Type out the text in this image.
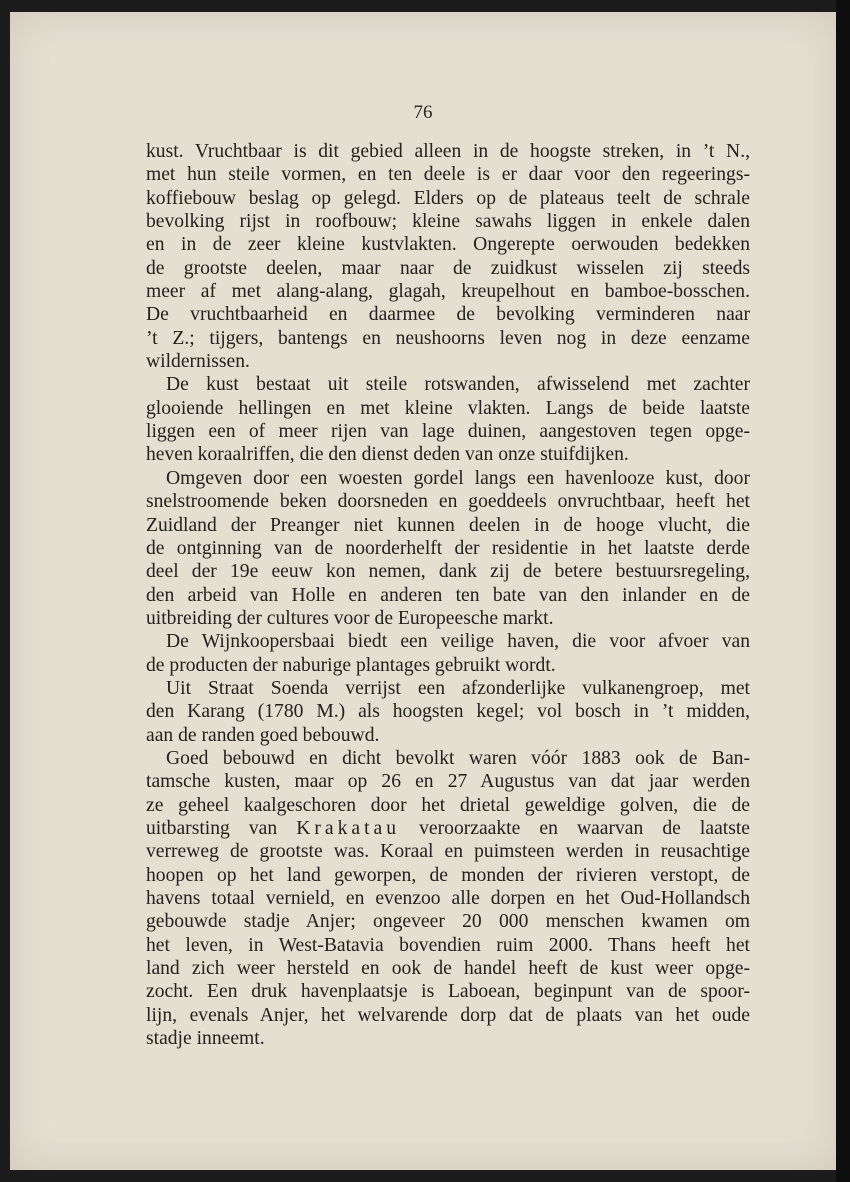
76
kust. Vruchtbaar is dit gebied alleen in de hoogste streken, in ’t N.,
met hun steile vormen, en ten deele is er daar voor den regeerings-
koffiebouw beslag op gelegd. Elders op de plateaus teelt de schrale
bevolking rijst in roofbouw; kleine sawahs liggen in enkele dalen
en in de zeer kleine kustvlakten. Ongerepte oerwouden bedekken
de grootste deelen, maar naar de zuidkust wisselen zij steeds
meer af met alang-alang, glagah, kreupelhout en bamboe-bosschen.
De vruchtbaarheid en daarmee de bevolking verminderen naar
’t Z.; tijgers, bantengs en neushoorns leven nog in deze eenzame
wildernissen.
De kust bestaat uit steile rotswanden, afwisselend met zachter
glooiende hellingen en met kleine vlakten. Langs de beide laatste
liggen een of meer rijen van lage duinen, aangestoven tegen opge-
heven koraalriffen, die den dienst deden van onze stuifdijken.
Omgeven door een woesten gordel langs een havenlooze kust, door
snelstroomende beken doorsneden en goeddeels onvruchtbaar, heeft het
Zuidland der Preanger niet kunnen deelen in de hooge vlucht, die
de ontginning van de noorderhelft der residentie in het laatste derde
deel der 19e eeuw kon nemen, dank zij de betere bestuursregeling,
den arbeid van Holle en anderen ten bate van den inlander en de
uitbreiding der cultures voor de Europeesche markt.
De Wijnkoopersbaai biedt een veilige haven, die voor afvoer van
de producten der naburige plantages gebruikt wordt.
Uit Straat Soenda verrijst een afzonderlijke vulkanengroep, met
den Karang (1780 M.) als hoogsten kegel; vol bosch in ’t midden,
aan de randen goed bebouwd.
Goed bebouwd en dicht bevolkt waren vóór 1883 ook de Ban-
tamsche kusten, maar op 26 en 27 Augustus van dat jaar werden
ze geheel kaalgeschoren door het drietal geweldige golven, die de
uitbarsting van Krakatau veroorzaakte en waarvan de laatste
verreweg de grootste was. Koraal en puimsteen werden in reusachtige
hoopen op het land geworpen, de monden der rivieren verstopt, de
havens totaal vernield, en evenzoo alle dorpen en het Oud-Hollandsch
gebouwde stadje Anjer; ongeveer 20 000 menschen kwamen om
het leven, in West-Batavia bovendien ruim 2000. Thans heeft het
land zich weer hersteld en ook de handel heeft de kust weer opge-
zocht. Een druk havenplaatsje is Laboean, beginpunt van de spoor-
lijn, evenals Anjer, het welvarende dorp dat de plaats van het oude
stadje inneemt.
